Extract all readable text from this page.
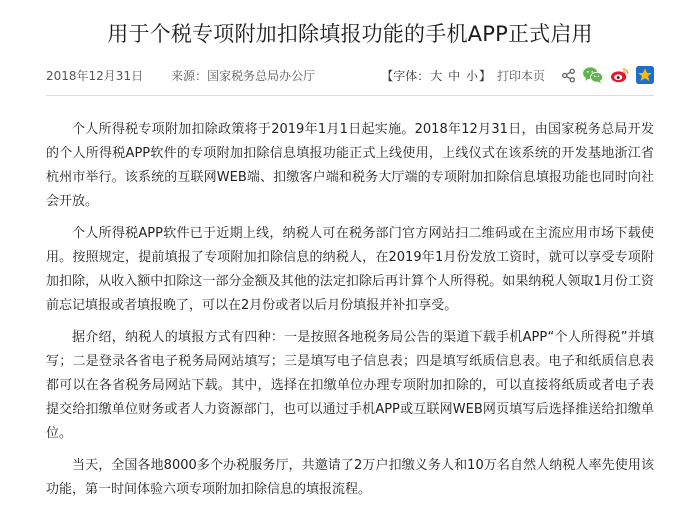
用于个税专项附加扣除填报功能的手机APP正式启用
2018年12月31日 来源：国家税务总局办公厅	【字体：大 中 小】 打印本页

个人所得税专项附加扣除政策将于2019年1月1日起实施。2018年12月31日，由国家税务总局开发的个人所得税APP软件的专项附加扣除信息填报功能正式上线使用，上线仪式在该系统的开发基地浙江省杭州市举行。该系统的互联网WEB端、扣缴客户端和税务大厅端的专项附加扣除信息填报功能也同时向社会开放。

个人所得税APP软件已于近期上线，纳税人可在税务部门官方网站扫二维码或在主流应用市场下载使用。按照规定，提前填报了专项附加扣除信息的纳税人，在2019年1月份发放工资时，就可以享受专项附加扣除，从收入额中扣除这一部分金额及其他的法定扣除后再计算个人所得税。如果纳税人领取1月份工资前忘记填报或者填报晚了，可以在2月份或者以后月份填报并补扣享受。

据介绍，纳税人的填报方式有四种：一是按照各地税务局公告的渠道下载手机APP“个人所得税”并填写；二是登录各省电子税务局网站填写；三是填写电子信息表；四是填写纸质信息表。电子和纸质信息表都可以在各省税务局网站下载。其中，选择在扣缴单位办理专项附加扣除的，可以直接将纸质或者电子表提交给扣缴单位财务或者人力资源部门，也可以通过手机APP或互联网WEB网页填写后选择推送给扣缴单位。

当天，全国各地8000多个办税服务厅，共邀请了2万户扣缴义务人和10万名自然人纳税人率先使用该功能，第一时间体验六项专项附加扣除信息的填报流程。
